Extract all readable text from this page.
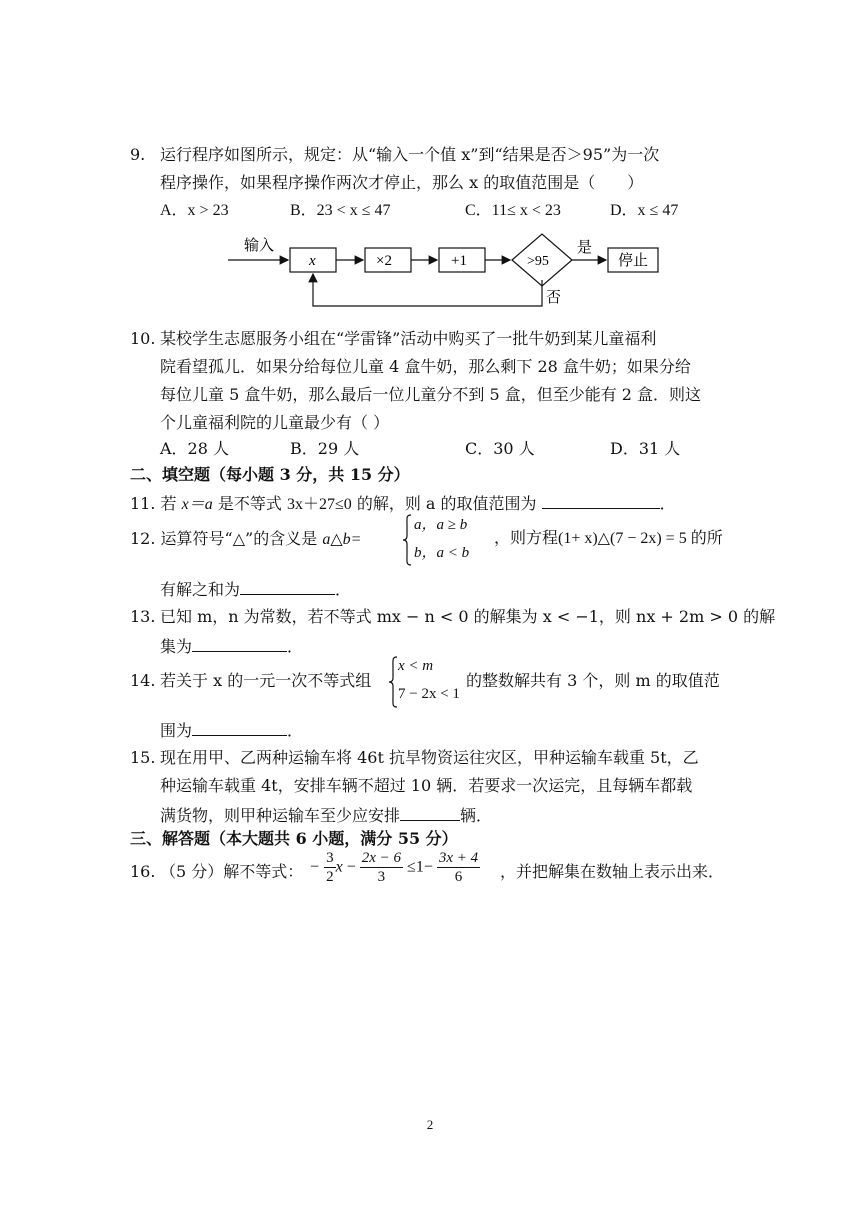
9. 运行程序如图所示，规定：从“输入一个值 x”到“结果是否＞95”为一次
程序操作，如果程序操作两次才停止，那么 x 的取值范围是（　　）
A．x > 23	B．23 < x ≤ 47	C．11≤ x < 23	D．x ≤ 47
输入
x	×2	+1	>95
是
停止
否
10. 某校学生志愿服务小组在“学雷锋”活动中购买了一批牛奶到某儿童福利
院看望孤儿．如果分给每位儿童 4 盒牛奶，那么剩下 28 盒牛奶；如果分给
每位儿童 5 盒牛奶，那么最后一位儿童分不到 5 盒，但至少能有 2 盒．则这
个儿童福利院的儿童最少有（ ）
A．28 人	B．29 人	C．30 人	D．31 人
二、填空题（每小题 3 分，共 15 分）
11. 若 x＝a 是不等式 3x＋27≤0 的解，则 a 的取值范围为	．
12. 运算符号“△”的含义是 a△b=
a，a ≥ b
b，a < b
，则方程(1+ x)△(7 − 2x) = 5 的所
有解之和为	．
13. 已知 m，n 为常数，若不等式 mx − n < 0 的解集为 x < −1，则 nx + 2m > 0 的解
集为	．
14. 若关于 x 的一元一次不等式组
x < m
7 − 2x < 1
的整数解共有 3 个，则 m 的取值范
围为	．
15. 现在用甲、乙两种运输车将 46t 抗旱物资运往灾区，甲种运输车载重 5t，乙
种运输车载重 4t，安排车辆不超过 10 辆．若要求一次运完，且每辆车都载
满货物，则甲种运输车至少应安排	辆．
三、解答题（本大题共 6 小题，满分 55 分）
16. （5 分）解不等式： − $\frac{3}{2}$ $x - \frac{2x - 6}{3} \le 1- \frac{3x + 4}{6}$ ，并把解集在数轴上表示出来．
2
